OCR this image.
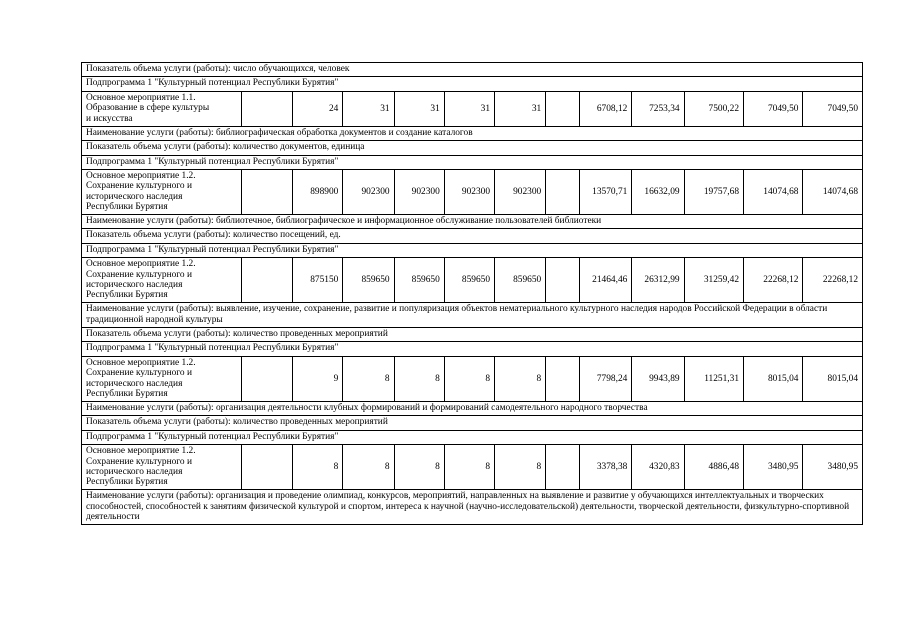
Показатель объема услуги (работы): число обучающихся, человек												
Подпрограмма 1 "Культурный потенциал Республики Бурятия"												
Основное мероприятие 1.1.
Образование в сфере культуры
и искусства		24	31	31	31	31		6708,12	7253,34	7500,22	7049,50	7049,50
Наименование услуги (работы): библиографическая обработка документов и создание каталогов												
Показатель объема услуги (работы): количество документов, единица												
Подпрограмма 1 "Культурный потенциал Республики Бурятия"												
Основное мероприятие 1.2.
Сохранение культурного и
исторического наследия
Республики Бурятия		898900	902300	902300	902300	902300		13570,71	16632,09	19757,68	14074,68	14074,68
Наименование услуги (работы): библиотечное, библиографическое и информационное обслуживание пользователей библиотеки												
Показатель объема услуги (работы): количество посещений, ед.												
Подпрограмма 1 "Культурный потенциал Республики Бурятия"												
Основное мероприятие 1.2.
Сохранение культурного и
исторического наследия
Республики Бурятия		875150	859650	859650	859650	859650		21464,46	26312,99	31259,42	22268,12	22268,12
Наименование услуги (работы): выявление, изучение, сохранение, развитие и популяризация объектов нематериального культурного наследия народов Российской Федерации в области традиционной народной культуры												
Показатель объема услуги (работы): количество проведенных мероприятий												
Подпрограмма 1 "Культурный потенциал Республики Бурятия"												
Основное мероприятие 1.2.
Сохранение культурного и
исторического наследия
Республики Бурятия		9	8	8	8	8		7798,24	9943,89	11251,31	8015,04	8015,04
Наименование услуги (работы): организация деятельности клубных формирований и формирований самодеятельного народного творчества												
Показатель объема услуги (работы): количество проведенных мероприятий												
Подпрограмма 1 "Культурный потенциал Республики Бурятия"												
Основное мероприятие 1.2.
Сохранение культурного и
исторического наследия
Республики Бурятия		8	8	8	8	8		3378,38	4320,83	4886,48	3480,95	3480,95
Наименование услуги (работы): организация и проведение олимпиад, конкурсов, мероприятий, направленных на выявление и развитие у обучающихся интеллектуальных и творческих способностей, способностей к занятиям физической культурой и спортом, интереса к научной (научно-исследовательской) деятельности, творческой деятельности, физкультурно-спортивной деятельности												
